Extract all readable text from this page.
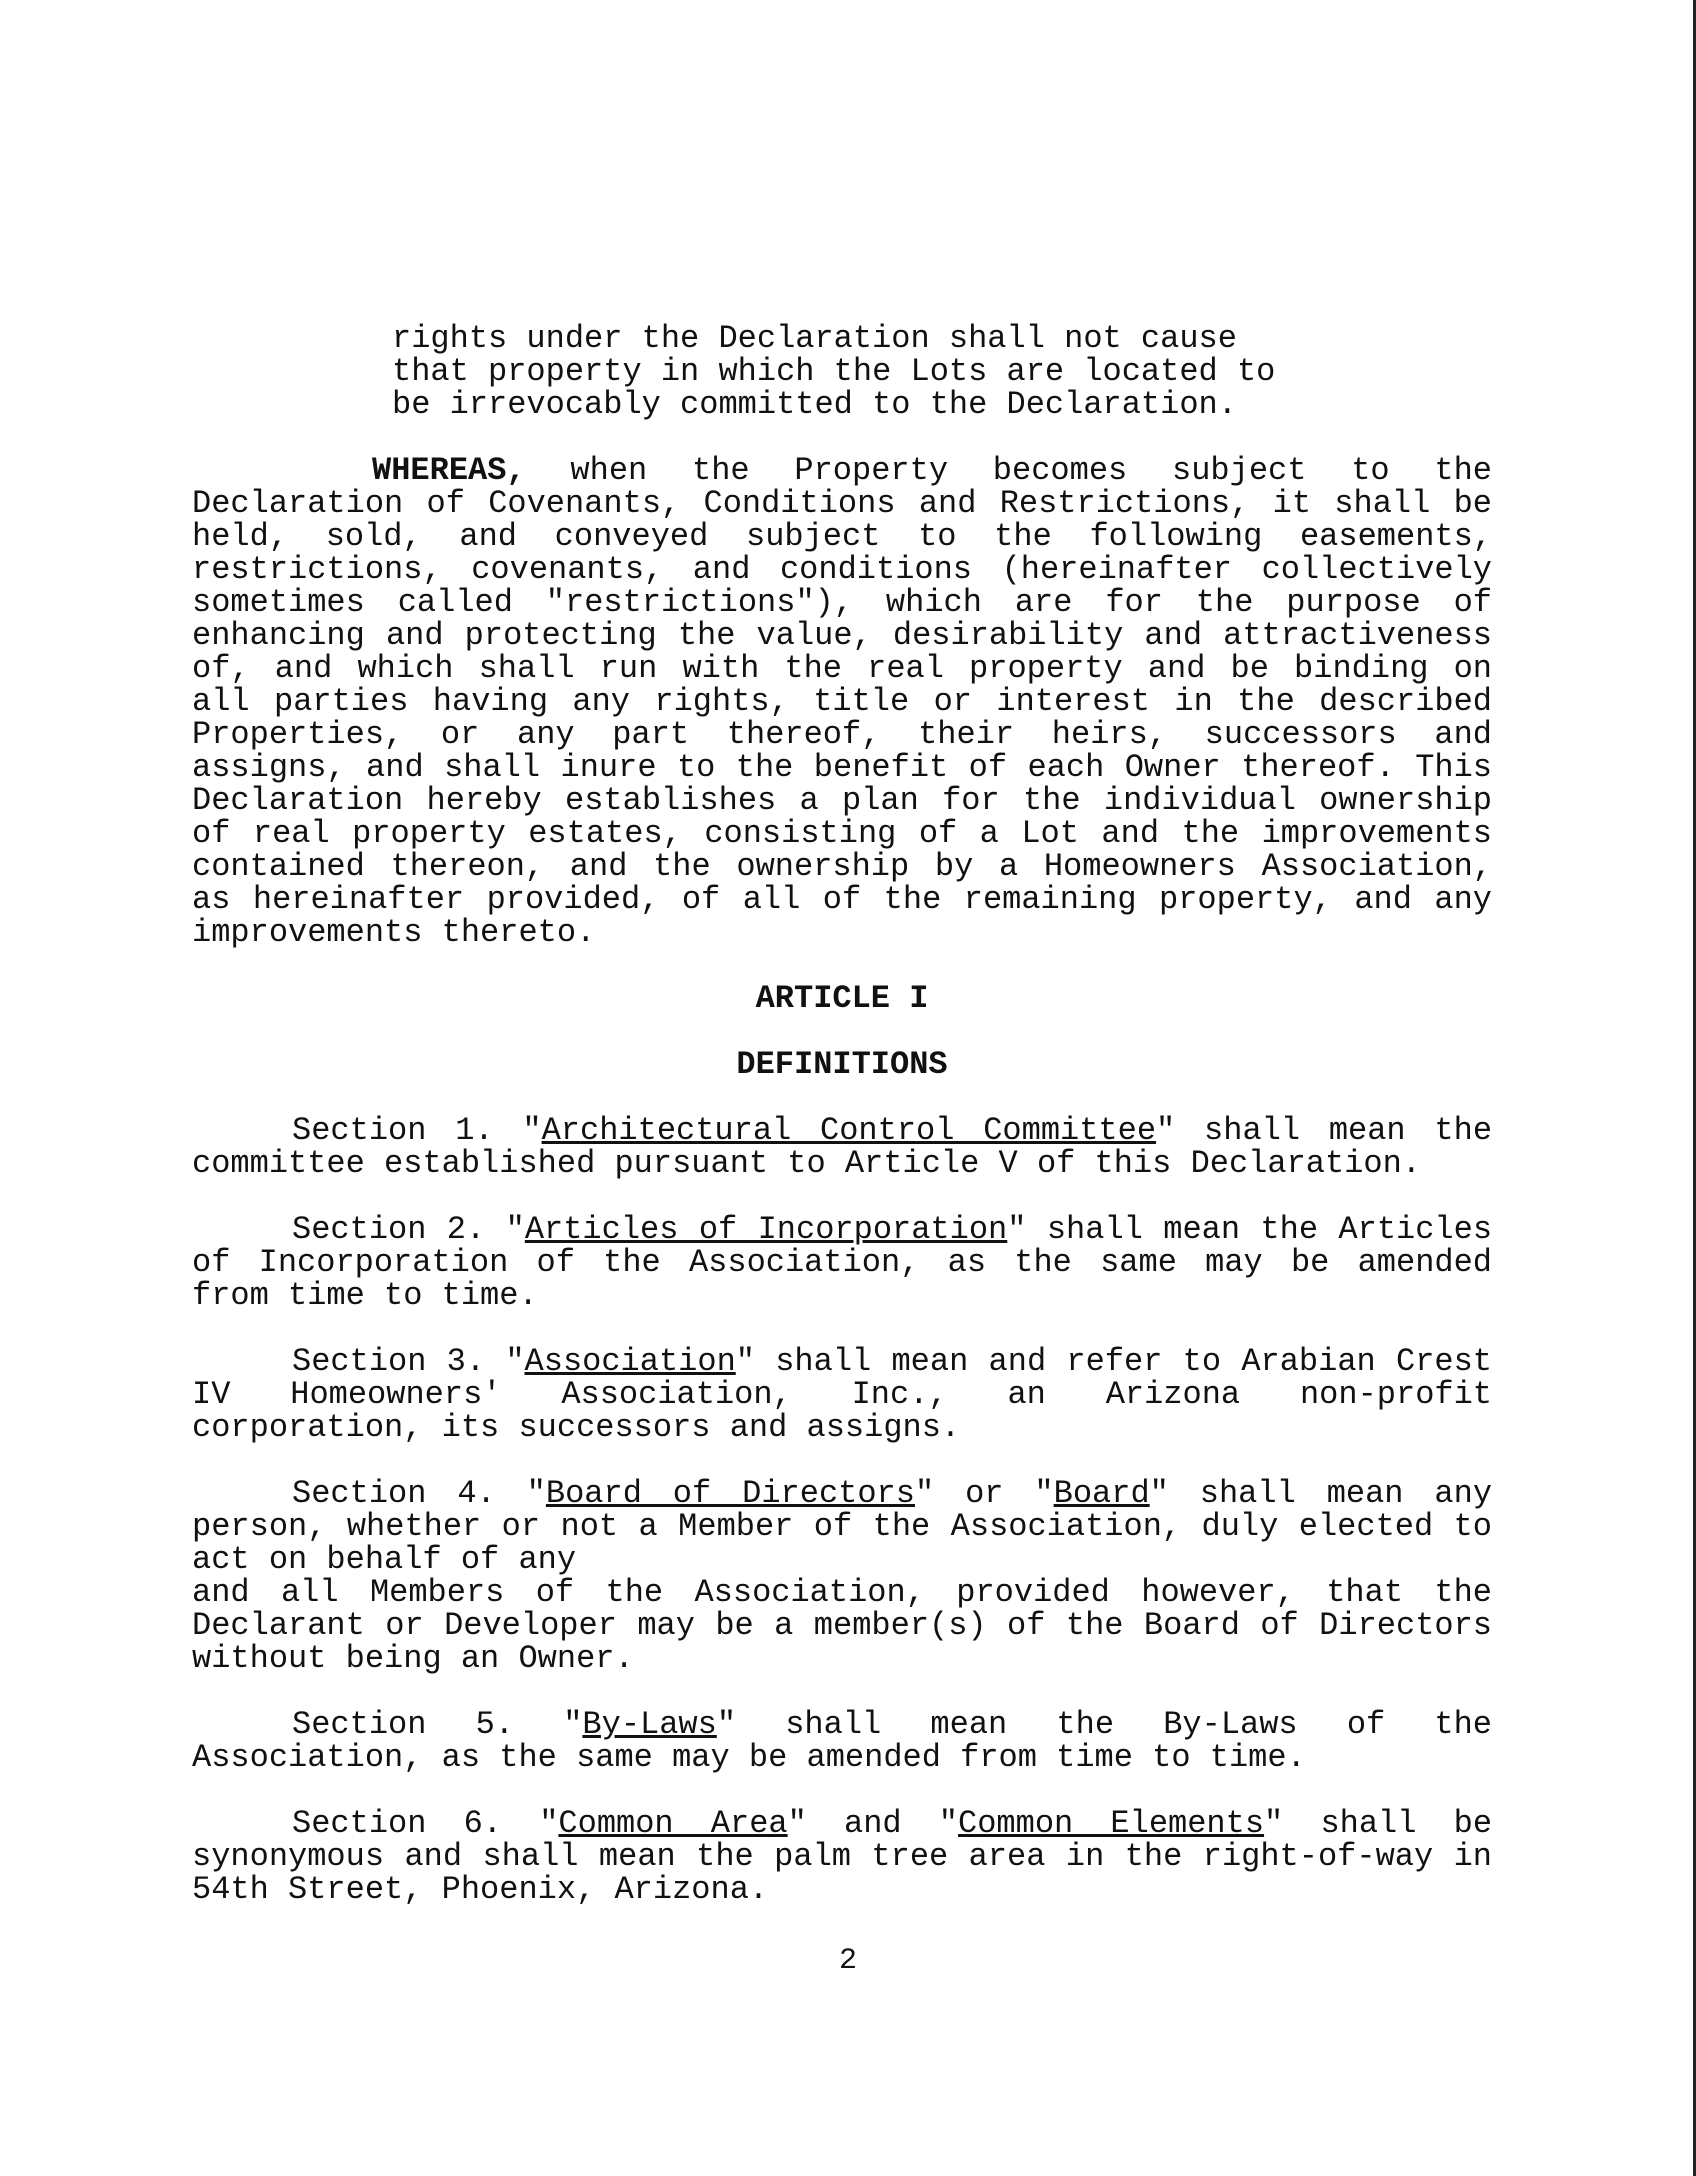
rights under the Declaration shall not cause
that property in which the Lots are located to
be irrevocably committed to the Declaration.
WHEREAS, when the Property becomes subject to the Declaration of Covenants, Conditions and Restrictions, it shall be held, sold, and conveyed subject to the following easements, restrictions, covenants, and conditions (hereinafter collectively sometimes called "restrictions"), which are for the purpose of enhancing and protecting the value, desirability and attractiveness of, and which shall run with the real property and be binding on all parties having any rights, title or interest in the described Properties, or any part thereof, their heirs, successors and assigns, and shall inure to the benefit of each Owner thereof. This Declaration hereby establishes a plan for the individual ownership of real property estates, consisting of a Lot and the improvements contained thereon, and the ownership by a Homeowners Association, as hereinafter provided, of all of the remaining property, and any improvements thereto.
ARTICLE I
DEFINITIONS
Section 1. "Architectural Control Committee" shall mean the committee established pursuant to Article V of this Declaration.
Section 2. "Articles of Incorporation" shall mean the Articles of Incorporation of the Association, as the same may be amended from time to time.
Section 3. "Association" shall mean and refer to Arabian Crest IV Homeowners' Association, Inc., an Arizona non-profit corporation, its successors and assigns.
Section 4. "Board of Directors" or "Board" shall mean any person, whether or not a Member of the Association, duly elected to act on behalf of any
and all Members of the Association, provided however, that the Declarant or Developer may be a member(s) of the Board of Directors without being an Owner.
Section 5. "By-Laws" shall mean the By-Laws of the Association, as the same may be amended from time to time.
Section 6. "Common Area" and "Common Elements" shall be synonymous and shall mean the palm tree area in the right-of-way in 54th Street, Phoenix, Arizona.
2
